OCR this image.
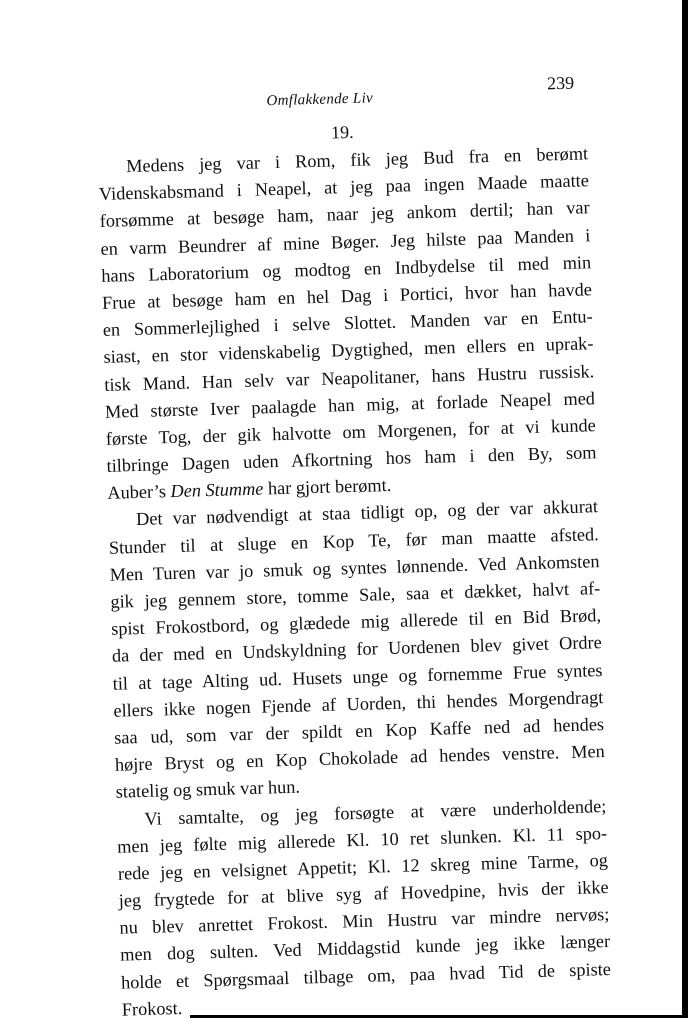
Omflakkende Liv
239
19.
Medens jeg var i Rom, fik jeg Bud fra en berømt
Videnskabsmand i Neapel, at jeg paa ingen Maade maatte
forsømme at besøge ham, naar jeg ankom dertil; han var
en varm Beundrer af mine Bøger. Jeg hilste paa Manden i
hans Laboratorium og modtog en Indbydelse til med min
Frue at besøge ham en hel Dag i Portici, hvor han havde
en Sommerlejlighed i selve Slottet. Manden var en Entu-
siast, en stor videnskabelig Dygtighed, men ellers en uprak-
tisk Mand. Han selv var Neapolitaner, hans Hustru russisk.
Med største Iver paalagde han mig, at forlade Neapel med
første Tog, der gik halvotte om Morgenen, for at vi kunde
tilbringe Dagen uden Afkortning hos ham i den By, som
Auber’s Den Stumme har gjort berømt.
Det var nødvendigt at staa tidligt op, og der var akkurat
Stunder til at sluge en Kop Te, før man maatte afsted.
Men Turen var jo smuk og syntes lønnende. Ved Ankomsten
gik jeg gennem store, tomme Sale, saa et dækket, halvt af-
spist Frokostbord, og glædede mig allerede til en Bid Brød,
da der med en Undskyldning for Uordenen blev givet Ordre
til at tage Alting ud. Husets unge og fornemme Frue syntes
ellers ikke nogen Fjende af Uorden, thi hendes Morgendragt
saa ud, som var der spildt en Kop Kaffe ned ad hendes
højre Bryst og en Kop Chokolade ad hendes venstre. Men
statelig og smuk var hun.
Vi samtalte, og jeg forsøgte at være underholdende;
men jeg følte mig allerede Kl. 10 ret slunken. Kl. 11 spo-
rede jeg en velsignet Appetit; Kl. 12 skreg mine Tarme, og
jeg frygtede for at blive syg af Hovedpine, hvis der ikke
nu blev anrettet Frokost. Min Hustru var mindre nervøs;
men dog sulten. Ved Middagstid kunde jeg ikke længer
holde et Spørgsmaal tilbage om, paa hvad Tid de spiste
Frokost.
